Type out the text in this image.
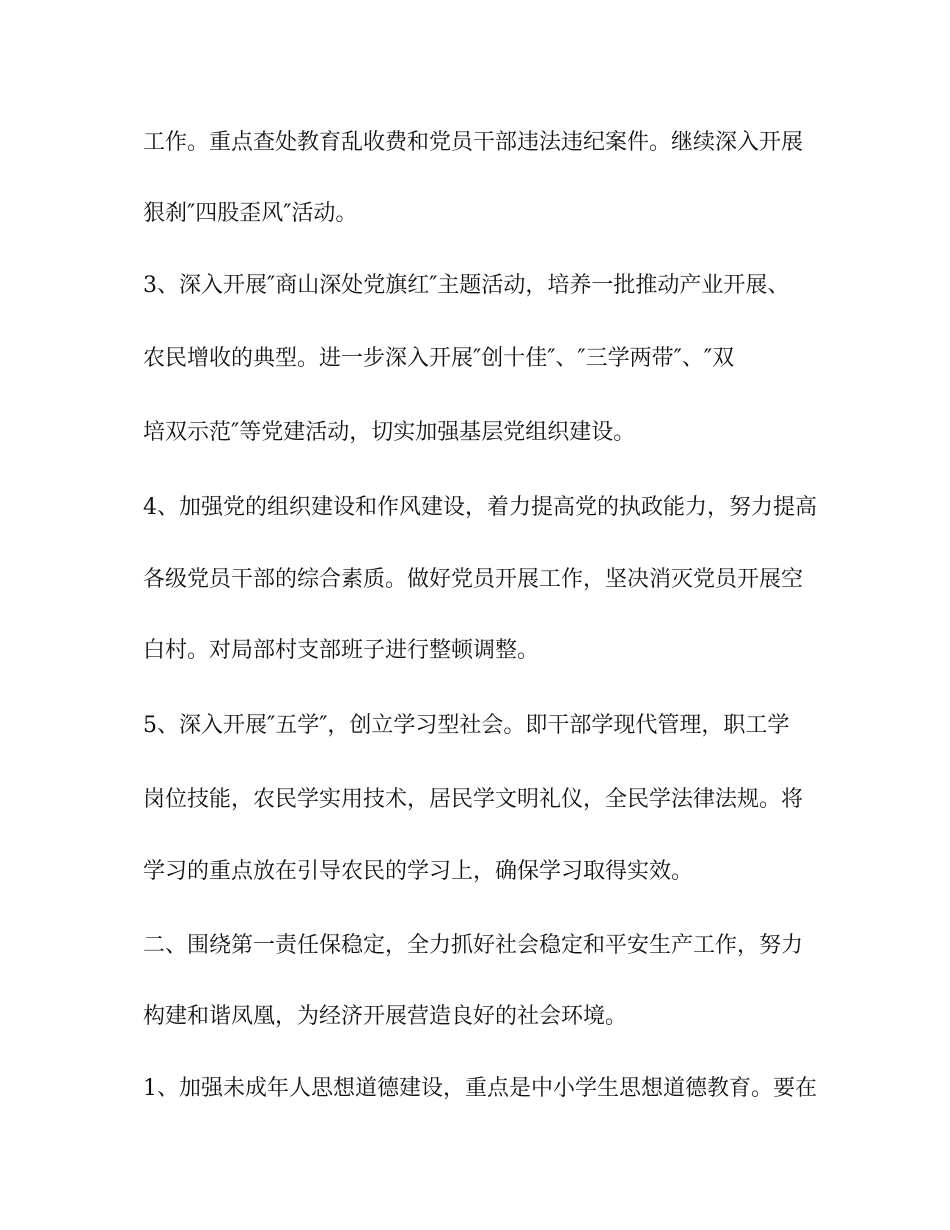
工作。重点查处教育乱收费和党员干部违法违纪案件。继续深入开展
狠刹″四股歪风″活动。
3、深入开展″商山深处党旗红″主题活动，培养一批推动产业开展、
农民增收的典型。进一步深入开展″创十佳″、″三学两带″、″双
培双示范″等党建活动，切实加强基层党组织建设。
4、加强党的组织建设和作风建设，着力提高党的执政能力，努力提高
各级党员干部的综合素质。做好党员开展工作，坚决消灭党员开展空
白村。对局部村支部班子进行整顿调整。
5、深入开展″五学″，创立学习型社会。即干部学现代管理，职工学
岗位技能，农民学实用技术，居民学文明礼仪，全民学法律法规。将
学习的重点放在引导农民的学习上，确保学习取得实效。
二、围绕第一责任保稳定，全力抓好社会稳定和平安生产工作，努力
构建和谐凤凰，为经济开展营造良好的社会环境。
1、加强未成年人思想道德建设，重点是中小学生思想道德教育。要在
